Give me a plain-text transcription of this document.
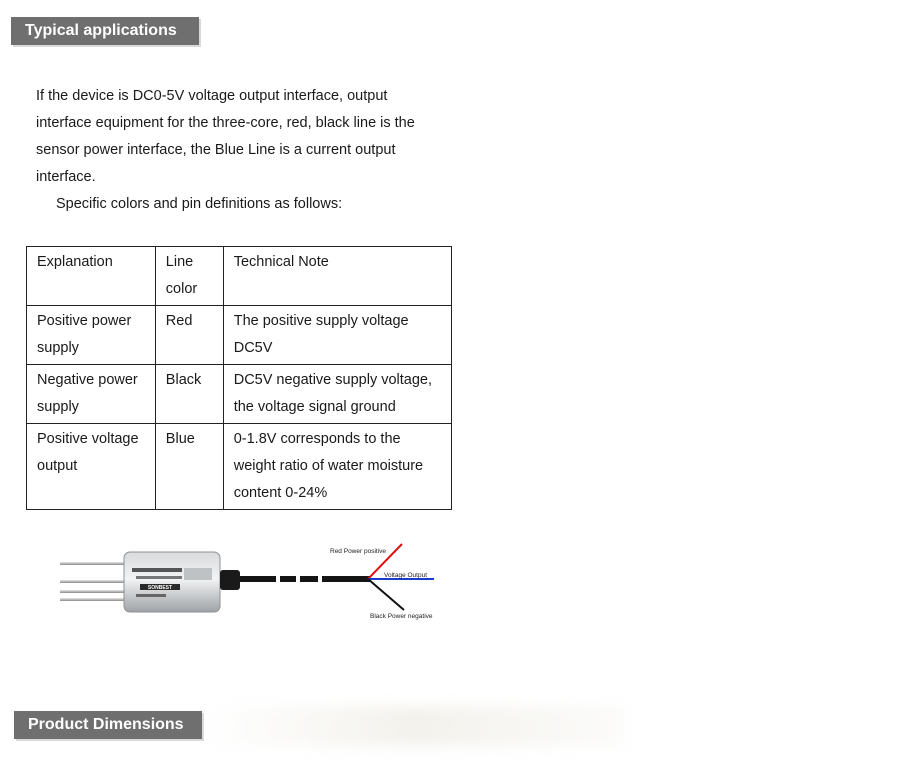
Typical applications

If the device is DC0-5V voltage output interface, output

interface equipment for the three-core, red, black line is the

sensor power interface, the Blue Line is a current output

interface.

Specific colors and pin definitions as follows:

Explanation	Line color	Technical Note
Positive power supply	Red	The positive supply voltage DC5V
Negative power supply	Black	DC5V negative supply voltage, the voltage signal ground
Positive voltage output	Blue	0-1.8V corresponds to the weight ratio of water moisture content 0-24%
SONBEST
Red Power positive
Voltage Output
Black Power negative
Product Dimensions
